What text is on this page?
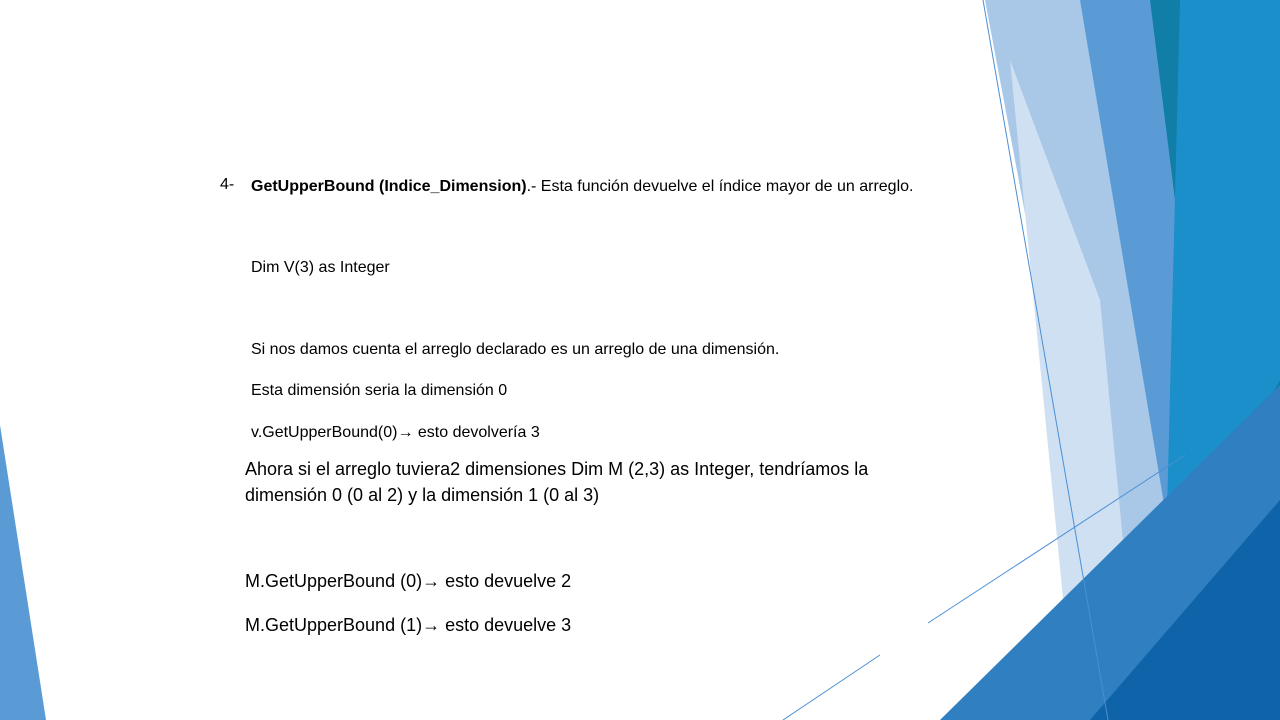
4- GetUpperBound (Indice_Dimension).- Esta función devuelve el índice mayor de un arreglo.
Dim V(3) as Integer
Si nos damos cuenta el arreglo declarado es un arreglo de una dimensión.
Esta dimensión seria la dimensión 0
v.GetUpperBound(0)→ esto devolvería 3
Ahora si el arreglo tuviera2 dimensiones Dim M (2,3) as Integer, tendríamos la dimensión 0 (0 al 2) y la dimensión 1 (0 al 3)
M.GetUpperBound (0)→ esto devuelve 2
M.GetUpperBound (1)→ esto devuelve 3
